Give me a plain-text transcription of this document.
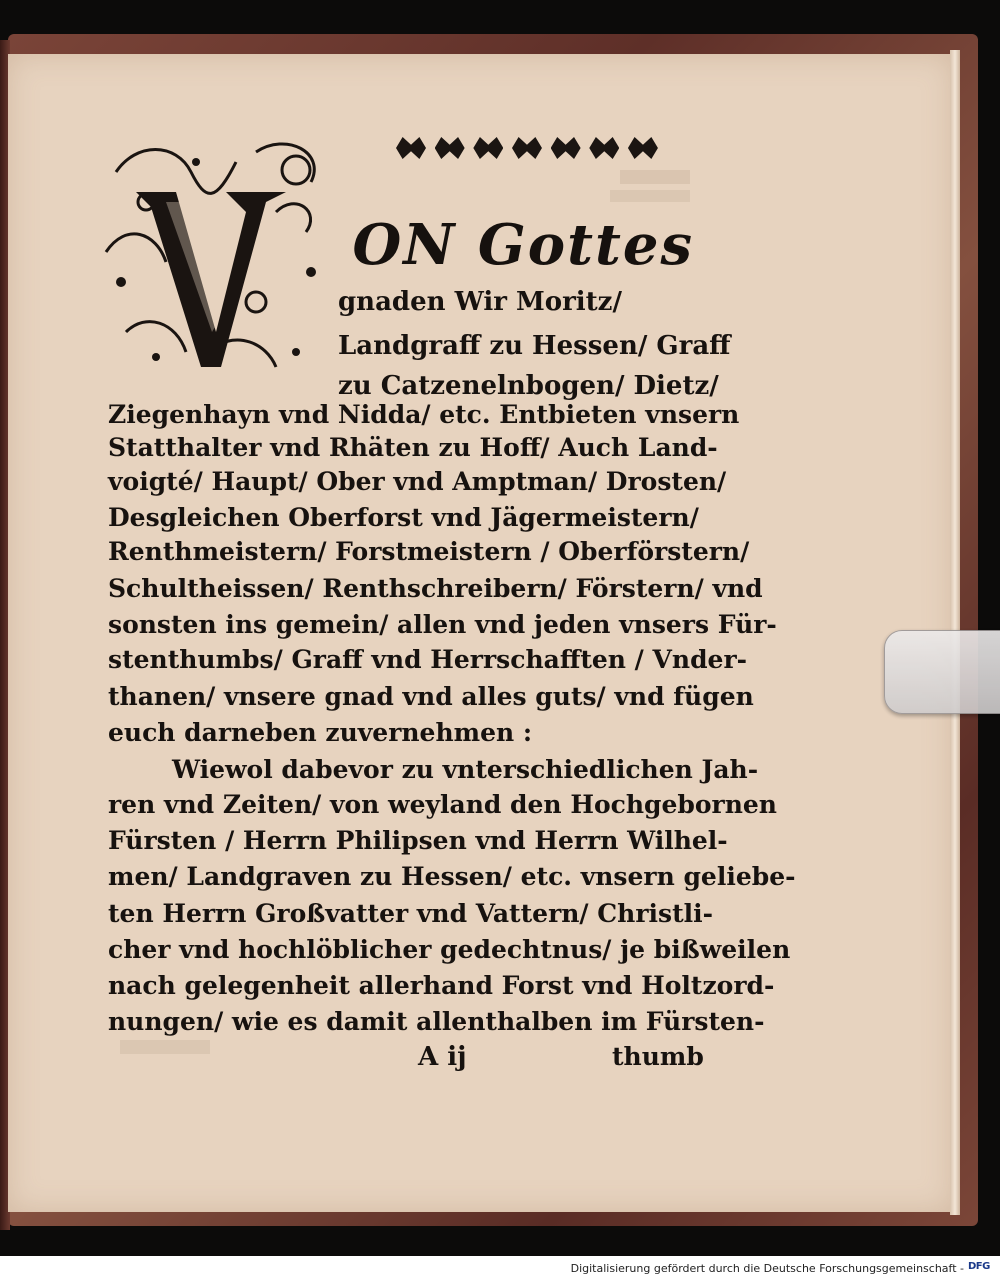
ON Gottes
gnaden Wir Moritz/
Landgraff zu Hessen/ Graff
zu Catzenelnbogen/ Dietz/
Ziegenhayn vnd Nidda/ etc. Entbieten vnsern
Statthalter vnd Rhäten zu Hoff/ Auch Land-
voigté/ Haupt/ Ober vnd Amptman/ Drosten/
Desgleichen Oberforst vnd Jägermeistern/
Renthmeistern/ Forstmeistern / Oberförstern/
Schultheissen/ Renthschreibern/ Förstern/ vnd
sonsten ins gemein/ allen vnd jeden vnsers Für-
stenthumbs/ Graff vnd Herrschafften / Vnder-
thanen/ vnsere gnad vnd alles guts/ vnd fügen
euch darneben zuvernehmen :
Wiewol dabevor zu vnterschiedlichen Jah-
ren vnd Zeiten/ von weyland den Hochgebornen
Fürsten / Herrn Philipsen vnd Herrn Wilhel-
men/ Landgraven zu Hessen/ etc. vnsern geliebe-
ten Herrn Großvatter vnd Vattern/ Christli-
cher vnd hochlöblicher gedechtnus/ je bißweilen
nach gelegenheit allerhand Forst vnd Holtzord-
nungen/ wie es damit allenthalben im Fürsten-
A ij	thumb
Digitalisierung gefördert durch die Deutsche Forschungsgemeinschaft - DFG
